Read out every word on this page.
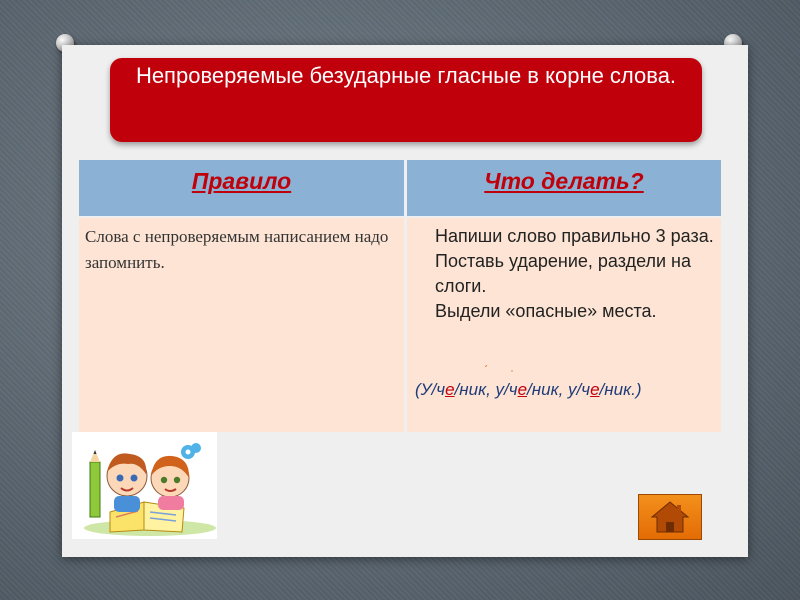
Непроверяемые безударные гласные в корне слова.
Правило	Что делать?
Слова с непроверяемым написанием надо запомнить.
Напиши слово правильно 3 раза.
Поставь ударение, раздели на слоги.
Выдели «опасные» места.
ˊ ˈ
(У/че/ник, у/че/ник, у/че/ник.)
